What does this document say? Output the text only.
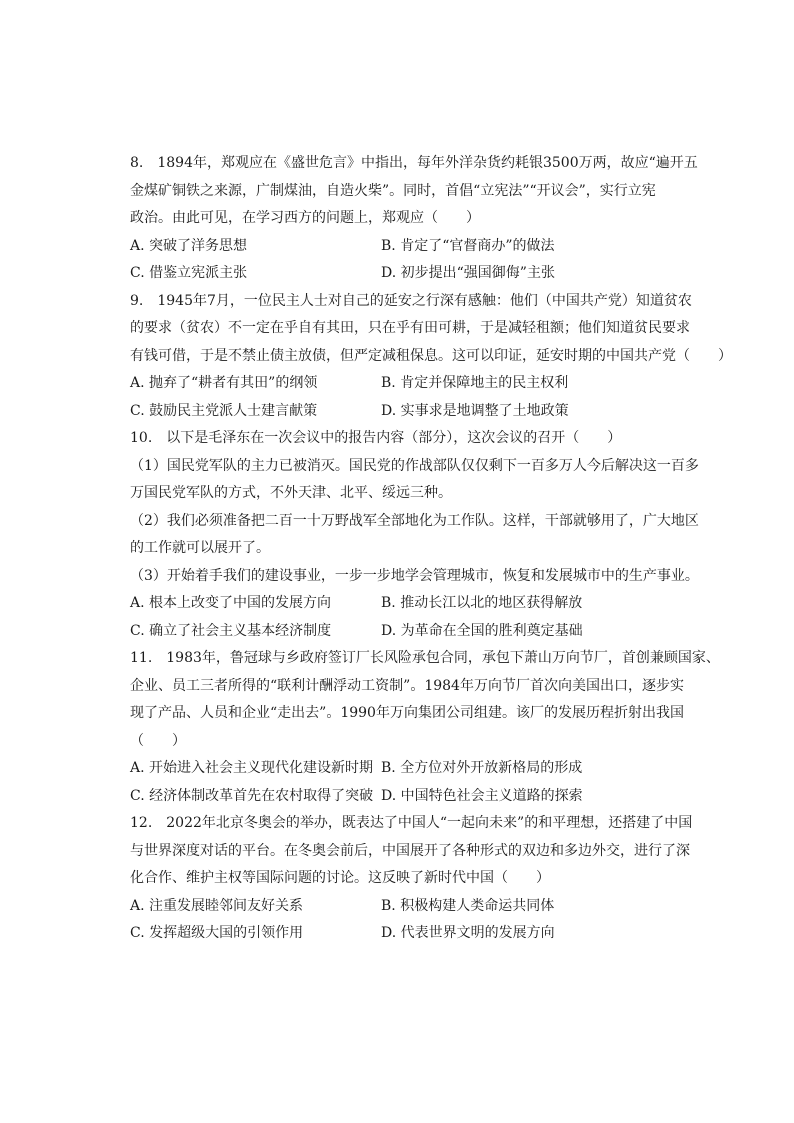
8.　1894年，郑观应在《盛世危言》中指出，每年外洋杂货约耗银3500万两，故应“遍开五
金煤矿铜铁之来源，广制煤油，自造火柴”。同时，首倡“立宪法”“开议会”，实行立宪
政治。由此可见，在学习西方的问题上，郑观应（　　）
A. 突破了洋务思想	B. 肯定了“官督商办”的做法
C. 借鉴立宪派主张	D. 初步提出“强国御侮”主张
9.　1945年7月，一位民主人士对自己的延安之行深有感触：他们（中国共产党）知道贫农
的要求（贫农）不一定在乎自有其田，只在乎有田可耕，于是减轻租额；他们知道贫民要求
有钱可借，于是不禁止债主放债，但严定减租保息。这可以印证，延安时期的中国共产党（　　）
A. 抛弃了“耕者有其田”的纲领	B. 肯定并保障地主的民主权利
C. 鼓励民主党派人士建言献策	D. 实事求是地调整了土地政策
10.　以下是毛泽东在一次会议中的报告内容（部分），这次会议的召开（　　）
（1）国民党军队的主力已被消灭。国民党的作战部队仅仅剩下一百多万人今后解决这一百多
万国民党军队的方式，不外天津、北平、绥远三种。
（2）我们必须准备把二百一十万野战军全部地化为工作队。这样，干部就够用了，广大地区
的工作就可以展开了。
（3）开始着手我们的建设事业，一步一步地学会管理城市，恢复和发展城市中的生产事业。
A. 根本上改变了中国的发展方向	B. 推动长江以北的地区获得解放
C. 确立了社会主义基本经济制度	D. 为革命在全国的胜利奠定基础
11.　1983年，鲁冠球与乡政府签订厂长风险承包合同，承包下萧山万向节厂，首创兼顾国家、
企业、员工三者所得的“联利计酬浮动工资制”。1984年万向节厂首次向美国出口，逐步实
现了产品、人员和企业“走出去”。1990年万向集团公司组建。该厂的发展历程折射出我国
（　　）
A. 开始进入社会主义现代化建设新时期 B. 全方位对外开放新格局的形成
C. 经济体制改革首先在农村取得了突破 D. 中国特色社会主义道路的探索
12.　2022年北京冬奥会的举办，既表达了中国人“一起向未来”的和平理想，还搭建了中国
与世界深度对话的平台。在冬奥会前后，中国展开了各种形式的双边和多边外交，进行了深
化合作、维护主权等国际问题的讨论。这反映了新时代中国（　　）
A. 注重发展睦邻间友好关系	B. 积极构建人类命运共同体
C. 发挥超级大国的引领作用	D. 代表世界文明的发展方向
